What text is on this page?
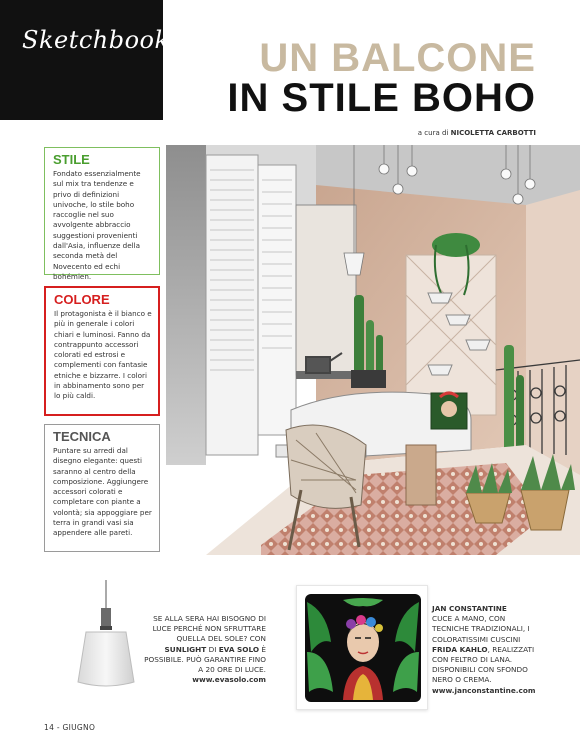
Sketchbook UN BALCONE
IN STILE BOHO
a cura di NICOLETTA CARBOTTI
STILE

Fondato essenzialmente sul mix tra tendenze e privo di definizioni univoche, lo stile boho raccoglie nel suo avvolgente abbraccio suggestioni provenienti dall'Asia, influenze della seconda metà del Novecento ed echi bohémien.

COLORE

Il protagonista è il bianco e più in generale i colori chiari e luminosi. Fanno da contrappunto accessori colorati ed estrosi e complementi con fantasie etniche e bizzarre. I colori in abbinamento sono per lo più caldi.

TECNICA

Puntare su arredi dal disegno elegante: questi saranno al centro della composizione. Aggiungere accessori colorati e completare con piante a volontà; sia appoggiare per terra in grandi vasi sia appendere alle pareti.

SE ALLA SERA HAI BISOGNO DI LUCE PERCHÉ NON SFRUTTARE QUELLA DEL SOLE? CON SUNLIGHT DI EVA SOLO È POSSIBILE. PUÒ GARANTIRE FINO A 20 ORE DI LUCE.
www.evasolo.com
JAN CONSTANTINE
CUCE A MANO, CON TECNICHE TRADIZIONALI, I COLORATISSIMI CUSCINI FRIDA KAHLO, REALIZZATI CON FELTRO DI LANA. DISPONIBILI CON SFONDO NERO O CREMA.
www.janconstantine.com
14 - GIUGNO
